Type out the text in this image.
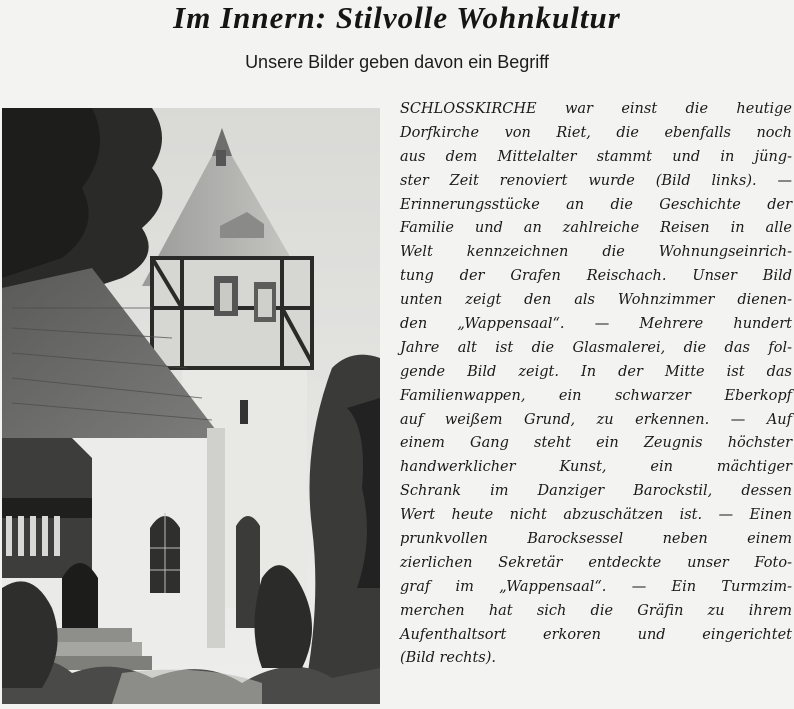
Im Innern: Stilvolle Wohnkultur
Unsere Bilder geben davon ein Begriff
SCHLOSSKIRCHE war einst die heutige
Dorfkirche von Riet, die ebenfalls noch
aus dem Mittelalter stammt und in jüng-
ster Zeit renoviert wurde (Bild links). —
Erinnerungsstücke an die Geschichte der
Familie und an zahlreiche Reisen in alle
Welt kennzeichnen die Wohnungseinrich-
tung der Grafen Reischach. Unser Bild
unten zeigt den als Wohnzimmer dienen-
den „Wappensaal“. — Mehrere hundert
Jahre alt ist die Glasmalerei, die das fol-
gende Bild zeigt. In der Mitte ist das
Familienwappen, ein schwarzer Eberkopf
auf weißem Grund, zu erkennen. — Auf
einem Gang steht ein Zeugnis höchster
handwerklicher Kunst, ein mächtiger
Schrank im Danziger Barockstil, dessen
Wert heute nicht abzuschätzen ist. — Einen
prunkvollen Barocksessel neben einem
zierlichen Sekretär entdeckte unser Foto-
graf im „Wappensaal“. — Ein Turmzim-
merchen hat sich die Gräfin zu ihrem
Aufenthaltsort erkoren und eingerichtet
(Bild rechts).
